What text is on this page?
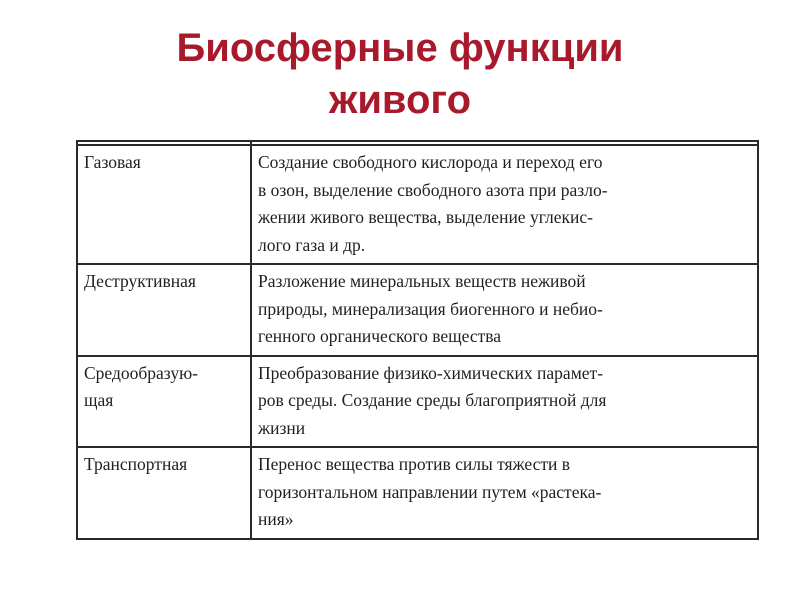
Биосферные функции
живого

Газовая	Создание свободного кислорода и переход его
в озон, выделение свободного азота при разло-
жении живого вещества, выделение углекис-
лого газа и др.
Деструктивная	Разложение минеральных веществ неживой
природы, минерализация биогенного и небио-
генного органического вещества
Средообразую-
щая	Преобразование физико-химических парамет-
ров среды. Создание среды благоприятной для
жизни
Транспортная	Перенос вещества против силы тяжести в
горизонтальном направлении путем «растека-
ния»
